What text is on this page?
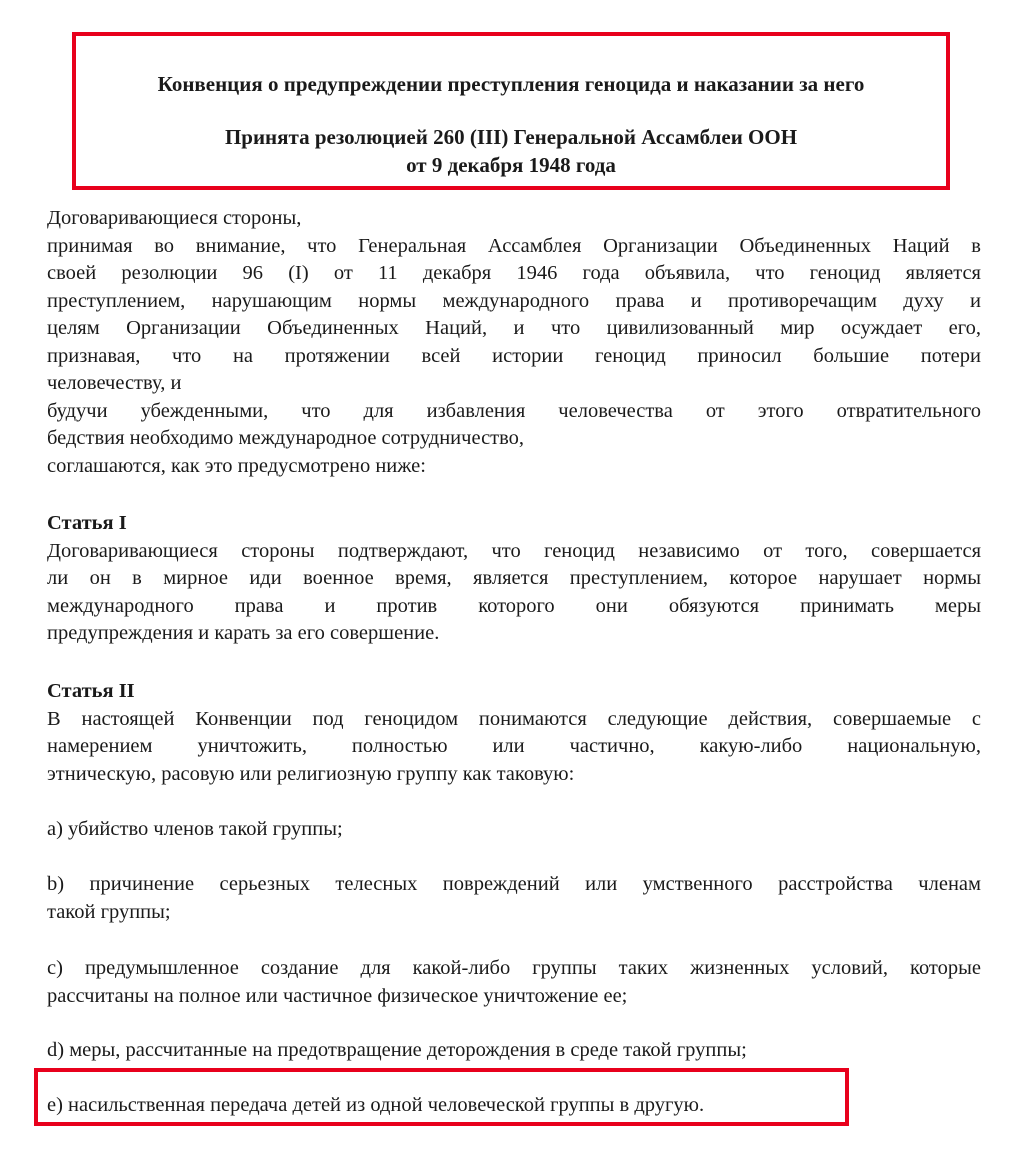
Конвенция о предупреждении преступления геноцида и наказании за него
Принята резолюцией 260 (III) Генеральной Ассамблеи ООН
от 9 декабря 1948 года
Договаривающиеся стороны,
принимая во внимание, что Генеральная Ассамблея Организации Объединенных Наций в
своей резолюции 96 (I) от 11 декабря 1946 года объявила, что геноцид является
преступлением, нарушающим нормы международного права и противоречащим духу и
целям Организации Объединенных Наций, и что цивилизованный мир осуждает его,
признавая, что на протяжении всей истории геноцид приносил большие потери
человечеству, и
будучи убежденными, что для избавления человечества от этого отвратительного
бедствия необходимо международное сотрудничество,
соглашаются, как это предусмотрено ниже:
Статья I
Договаривающиеся стороны подтверждают, что геноцид независимо от того, совершается
ли он в мирное иди военное время, является преступлением, которое нарушает нормы
международного права и против которого они обязуются принимать меры
предупреждения и карать за его совершение.
Статья II
В настоящей Конвенции под геноцидом понимаются следующие действия, совершаемые с
намерением уничтожить, полностью или частично, какую-либо национальную,
этническую, расовую или религиозную группу как таковую:
a) убийство членов такой группы;
b) причинение серьезных телесных повреждений или умственного расстройства членам
такой группы;
c) предумышленное создание для какой-либо группы таких жизненных условий, которые
рассчитаны на полное или частичное физическое уничтожение ее;
d) меры, рассчитанные на предотвращение деторождения в среде такой группы;
e) насильственная передача детей из одной человеческой группы в другую.
